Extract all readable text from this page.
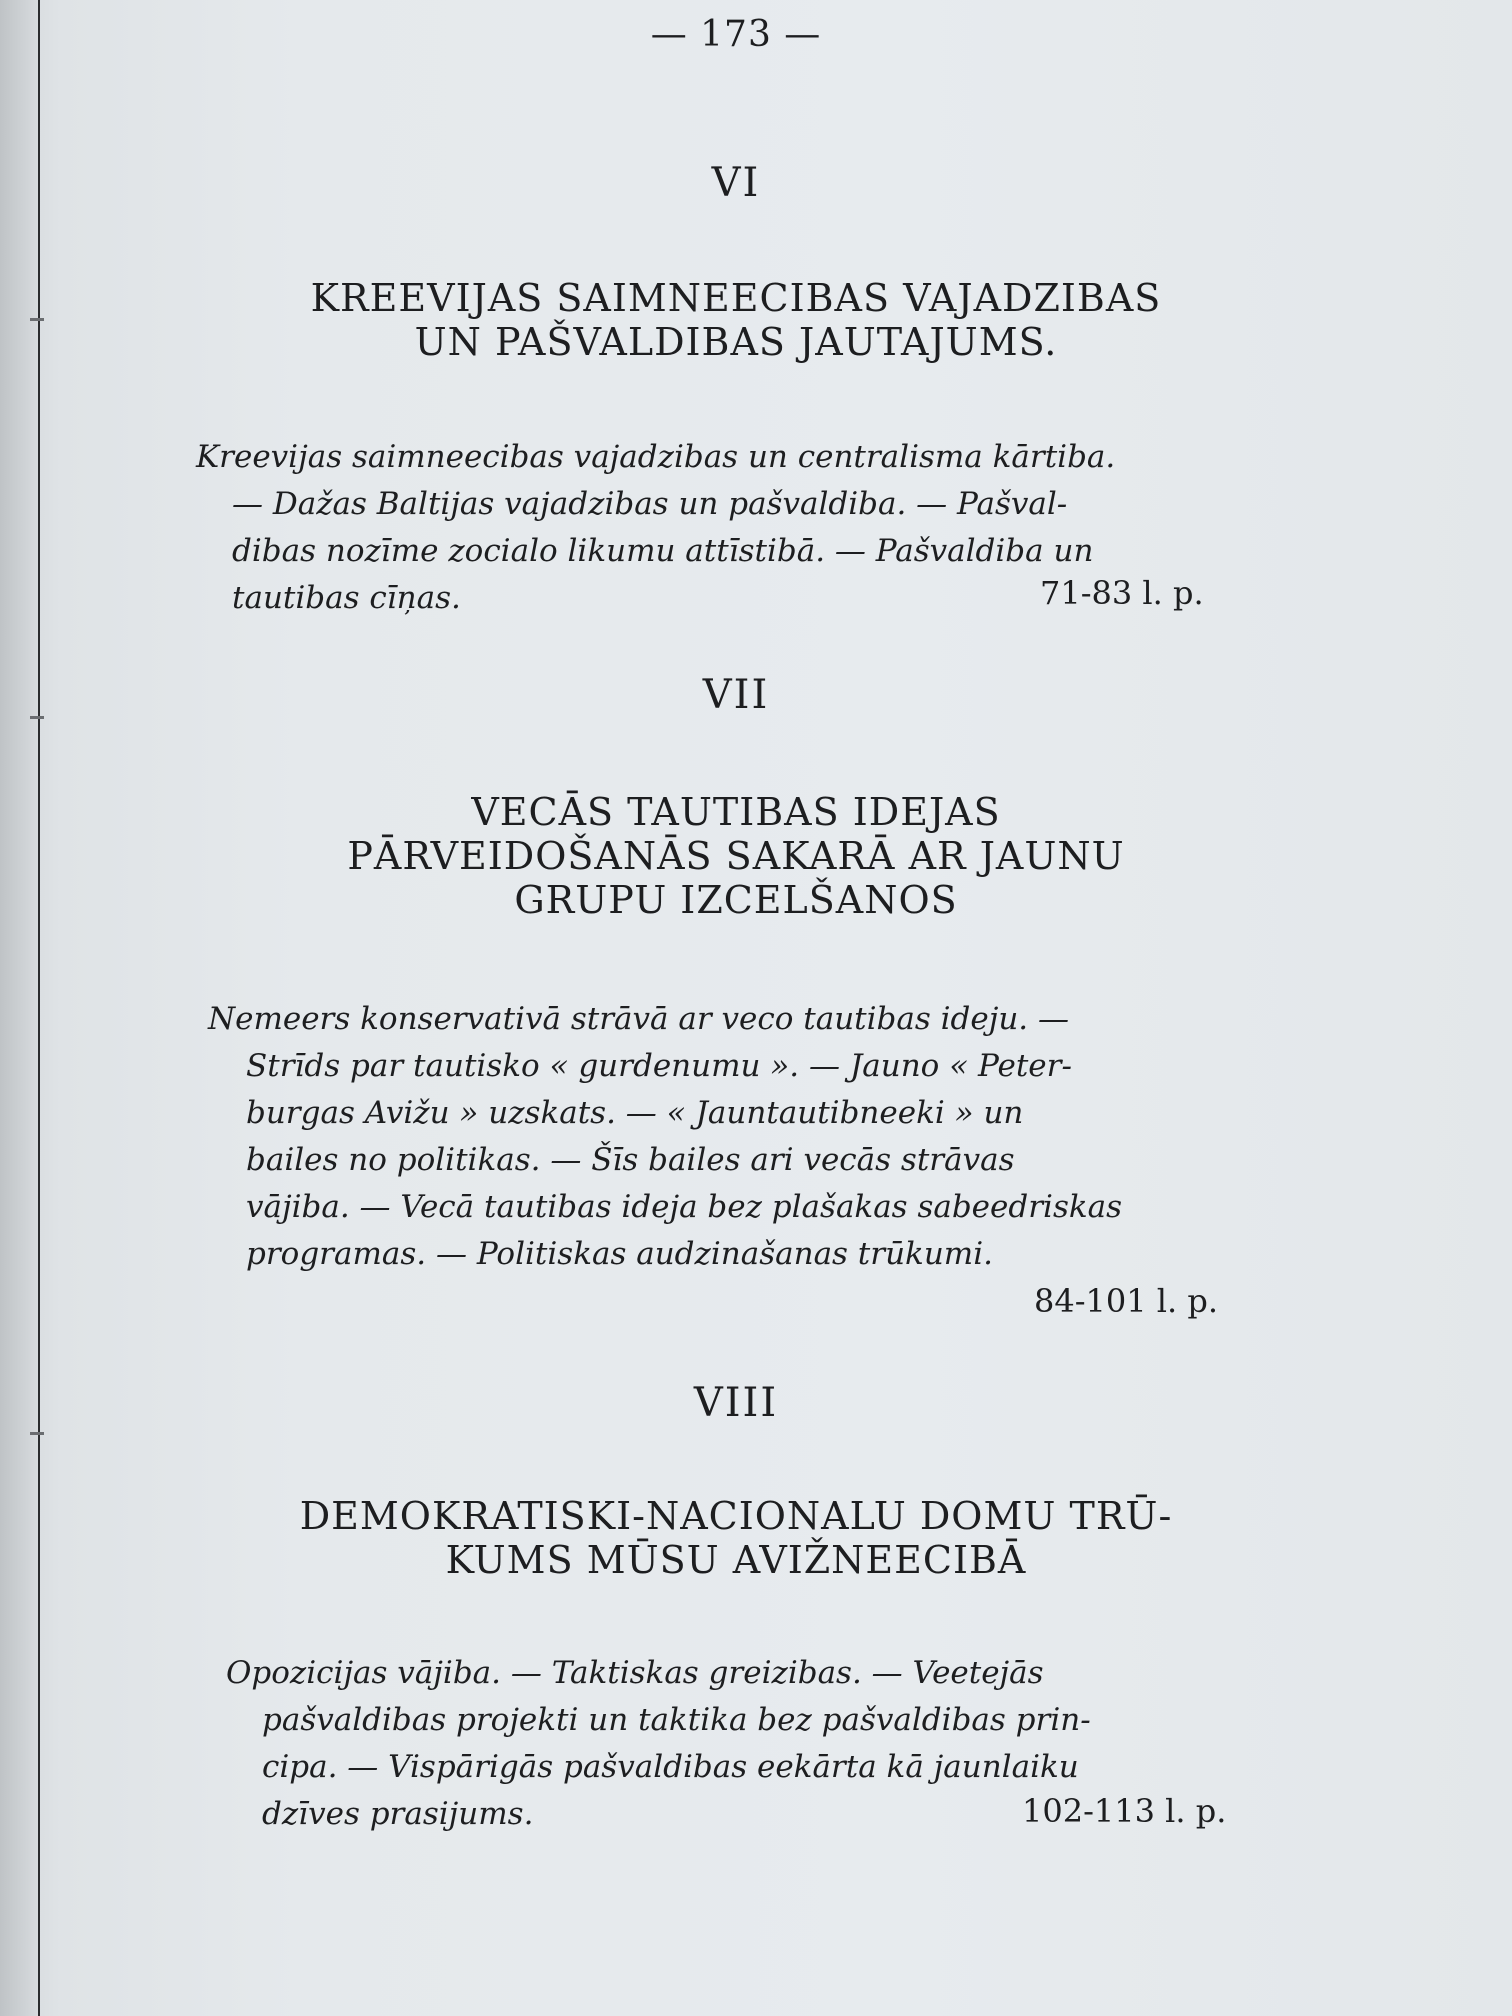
— 173 —
VI
KREEVIJAS SAIMNEECIBAS VAJADZIBAS
UN PAŠVALDIBAS JAUTAJUMS.
Kreevijas saimneecibas vajadzibas un centralisma kārtiba.
— Dažas Baltijas vajadzibas un pašvaldiba. — Pašval-
dibas nozīme zocialo likumu attīstibā. — Pašvaldiba un
tautibas cīņas.	71-83 l. p.
VII
VECĀS TAUTIBAS IDEJAS
PĀRVEIDOŠANĀS SAKARĀ AR JAUNU
GRUPU IZCELŠANOS
Nemeers konservativā strāvā ar veco tautibas ideju. —
Strīds par tautisko « gurdenumu ». — Jauno « Peter-
burgas Avižu » uzskats. — « Jauntautibneeki » un
bailes no politikas. — Šīs bailes ari vecās strāvas
vājiba. — Vecā tautibas ideja bez plašakas sabeedriskas
programas. — Politiskas audzinašanas trūkumi.
84-101 l. p.
VIII
DEMOKRATISKI-NACIONALU DOMU TRŪ-
KUMS MŪSU AVIŽNEECIBĀ
Opozicijas vājiba. — Taktiskas greizibas. — Veetejās
pašvaldibas projekti un taktika bez pašvaldibas prin-
cipa. — Vispārigās pašvaldibas eekārta kā jaunlaiku
dzīves prasijums.	102-113 l. p.
